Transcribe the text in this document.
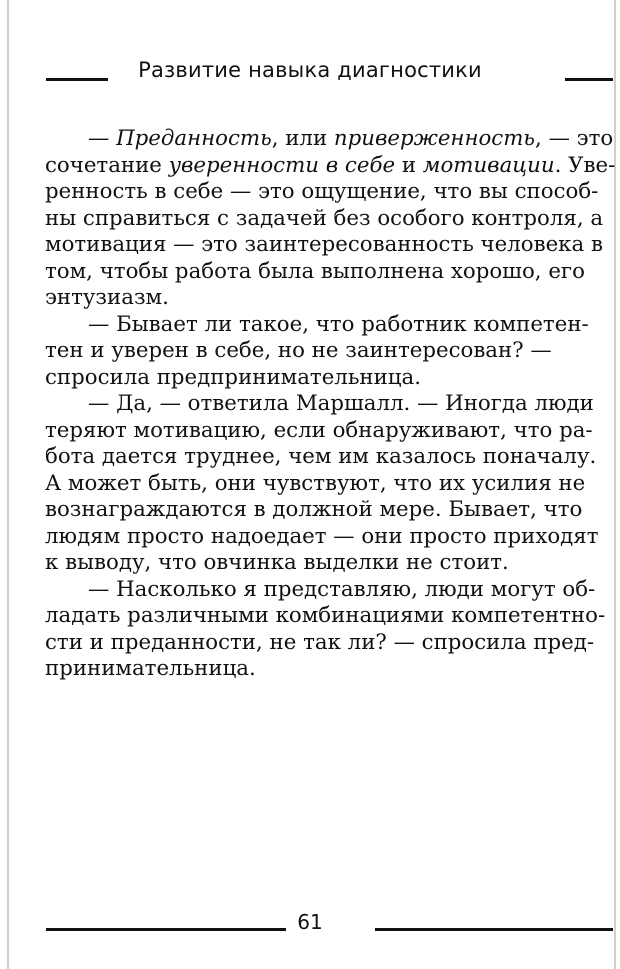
Развитие навыка диагностики
— Преданность, или приверженность, — это
сочетание уверенности в себе и мотивации. Уве-
ренность в себе — это ощущение, что вы способ-
ны справиться с задачей без особого контроля, а
мотивация — это заинтересованность человека в
том, чтобы работа была выполнена хорошо, его
энтузиазм.
— Бывает ли такое, что работник компетен-
тен и уверен в себе, но не заинтересован? —
спросила предпринимательница.
— Да, — ответила Маршалл. — Иногда люди
теряют мотивацию, если обнаруживают, что ра-
бота дается труднее, чем им казалось поначалу.
А может быть, они чувствуют, что их усилия не
вознаграждаются в должной мере. Бывает, что
людям просто надоедает — они просто приходят
к выводу, что овчинка выделки не стоит.
— Насколько я представляю, люди могут об-
ладать различными комбинациями компетентно-
сти и преданности, не так ли? — спросила пред-
принимательница.
61
